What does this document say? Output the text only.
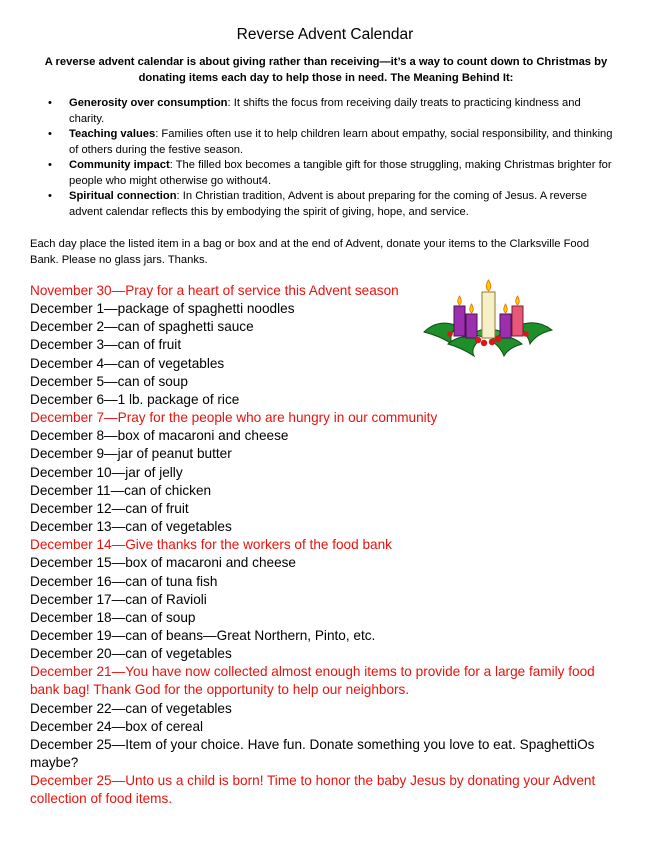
Reverse Advent Calendar
A reverse advent calendar is about giving rather than receiving—it’s a way to count down to Christmas by donating items each day to help those in need. The Meaning Behind It:
• Generosity over consumption: It shifts the focus from receiving daily treats to practicing kindness and charity.
• Teaching values: Families often use it to help children learn about empathy, social responsibility, and thinking of others during the festive season.
• Community impact: The filled box becomes a tangible gift for those struggling, making Christmas brighter for people who might otherwise go without4.
• Spiritual connection: In Christian tradition, Advent is about preparing for the coming of Jesus. A reverse advent calendar reflects this by embodying the spirit of giving, hope, and service.
Each day place the listed item in a bag or box and at the end of Advent, donate your items to the Clarksville Food Bank. Please no glass jars. Thanks.
November 30—Pray for a heart of service this Advent season
December 1—package of spaghetti noodles
December 2—can of spaghetti sauce
December 3—can of fruit
December 4—can of vegetables
December 5—can of soup
December 6—1 lb. package of rice
December 7—Pray for the people who are hungry in our community
December 8—box of macaroni and cheese
December 9—jar of peanut butter
December 10—jar of jelly
December 11—can of chicken
December 12—can of fruit
December 13—can of vegetables
December 14—Give thanks for the workers of the food bank
December 15—box of macaroni and cheese
December 16—can of tuna fish
December 17—can of Ravioli
December 18—can of soup
December 19—can of beans—Great Northern, Pinto, etc.
December 20—can of vegetables
December 21—You have now collected almost enough items to provide for a large family food bank bag! Thank God for the opportunity to help our neighbors.
December 22—can of vegetables
December 24—box of cereal
December 25—Item of your choice. Have fun. Donate something you love to eat. SpaghettiOs maybe?
December 25—Unto us a child is born! Time to honor the baby Jesus by donating your Advent collection of food items.
